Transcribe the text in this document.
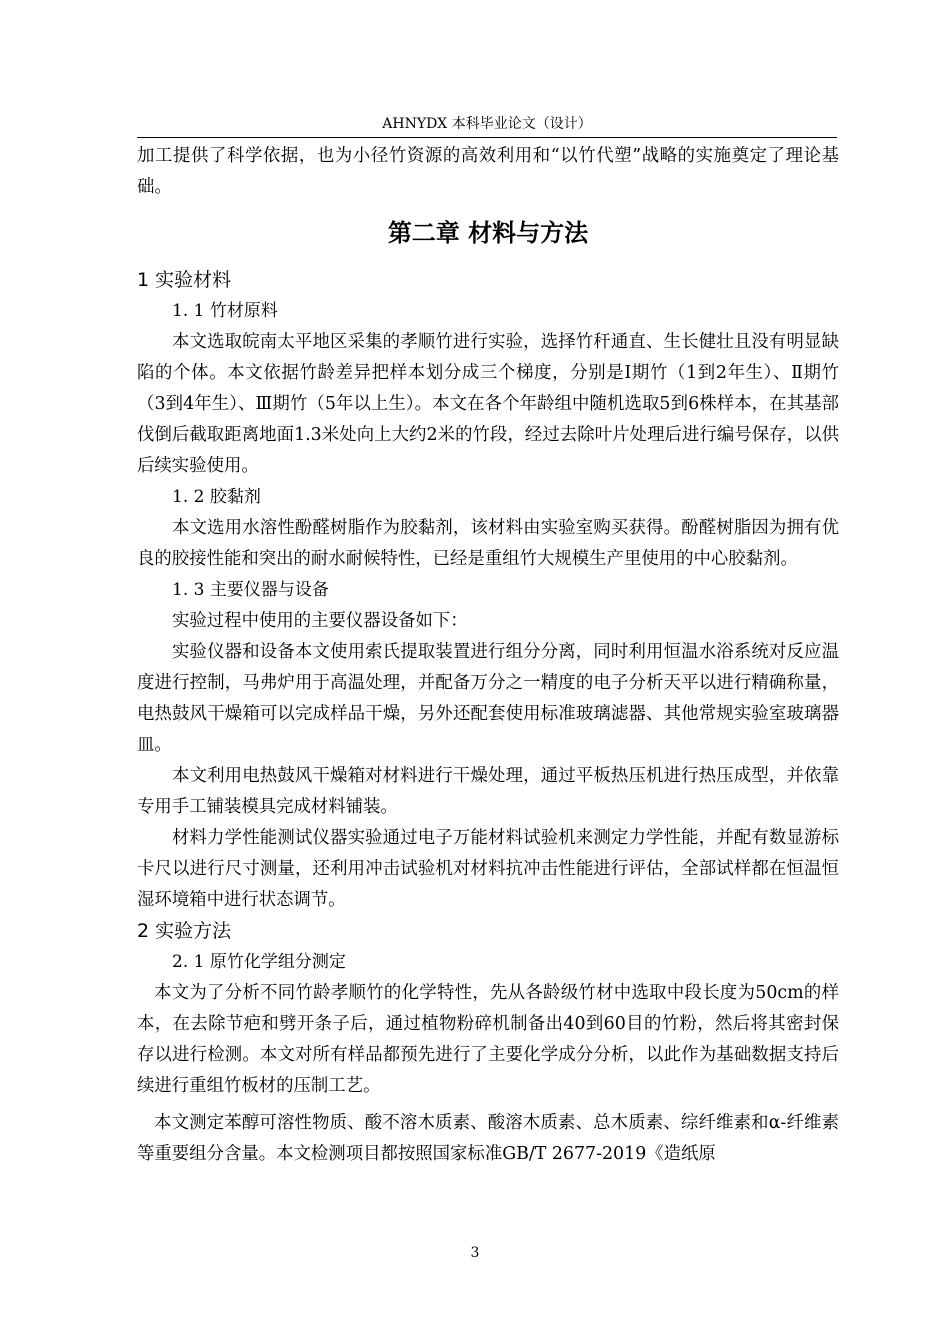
AHNYDX 本科毕业论文（设计）

加工提供了科学依据，也为小径竹资源的高效利用和“以竹代塑”战略的实施奠定了理论基础。

第二章 材料与方法
1 实验材料
1. 1 竹材原料

本文选取皖南太平地区采集的孝顺竹进行实验，选择竹秆通直、生长健壮且没有明显缺陷的个体。本文依据竹龄差异把样本划分成三个梯度，分别是Ⅰ期竹（1到2年生）、Ⅱ期竹（3到4年生）、Ⅲ期竹（5年以上生）。本文在各个年龄组中随机选取5到6株样本，在其基部伐倒后截取距离地面1.3米处向上大约2米的竹段，经过去除叶片处理后进行编号保存，以供后续实验使用。

1. 2 胶黏剂

本文选用水溶性酚醛树脂作为胶黏剂，该材料由实验室购买获得。酚醛树脂因为拥有优良的胶接性能和突出的耐水耐候特性，已经是重组竹大规模生产里使用的中心胶黏剂。

1. 3 主要仪器与设备

实验过程中使用的主要仪器设备如下：

实验仪器和设备本文使用索氏提取装置进行组分分离，同时利用恒温水浴系统对反应温度进行控制，马弗炉用于高温处理，并配备万分之一精度的电子分析天平以进行精确称量，电热鼓风干燥箱可以完成样品干燥，另外还配套使用标准玻璃滤器、其他常规实验室玻璃器皿。

本文利用电热鼓风干燥箱对材料进行干燥处理，通过平板热压机进行热压成型，并依靠专用手工铺装模具完成材料铺装。

材料力学性能测试仪器实验通过电子万能材料试验机来测定力学性能，并配有数显游标卡尺以进行尺寸测量，还利用冲击试验机对材料抗冲击性能进行评估，全部试样都在恒温恒湿环境箱中进行状态调节。

2 实验方法
2. 1 原竹化学组分测定

本文为了分析不同竹龄孝顺竹的化学特性，先从各龄级竹材中选取中段长度为50cm的样本，在去除节疤和劈开条子后，通过植物粉碎机制备出40到60目的竹粉，然后将其密封保存以进行检测。本文对所有样品都预先进行了主要化学成分分析，以此作为基础数据支持后续进行重组竹板材的压制工艺。

本文测定苯醇可溶性物质、酸不溶木质素、酸溶木质素、总木质素、综纤维素和α-纤维素等重要组分含量。本文检测项目都按照国家标准GB/T 2677-2019《造纸原

3
